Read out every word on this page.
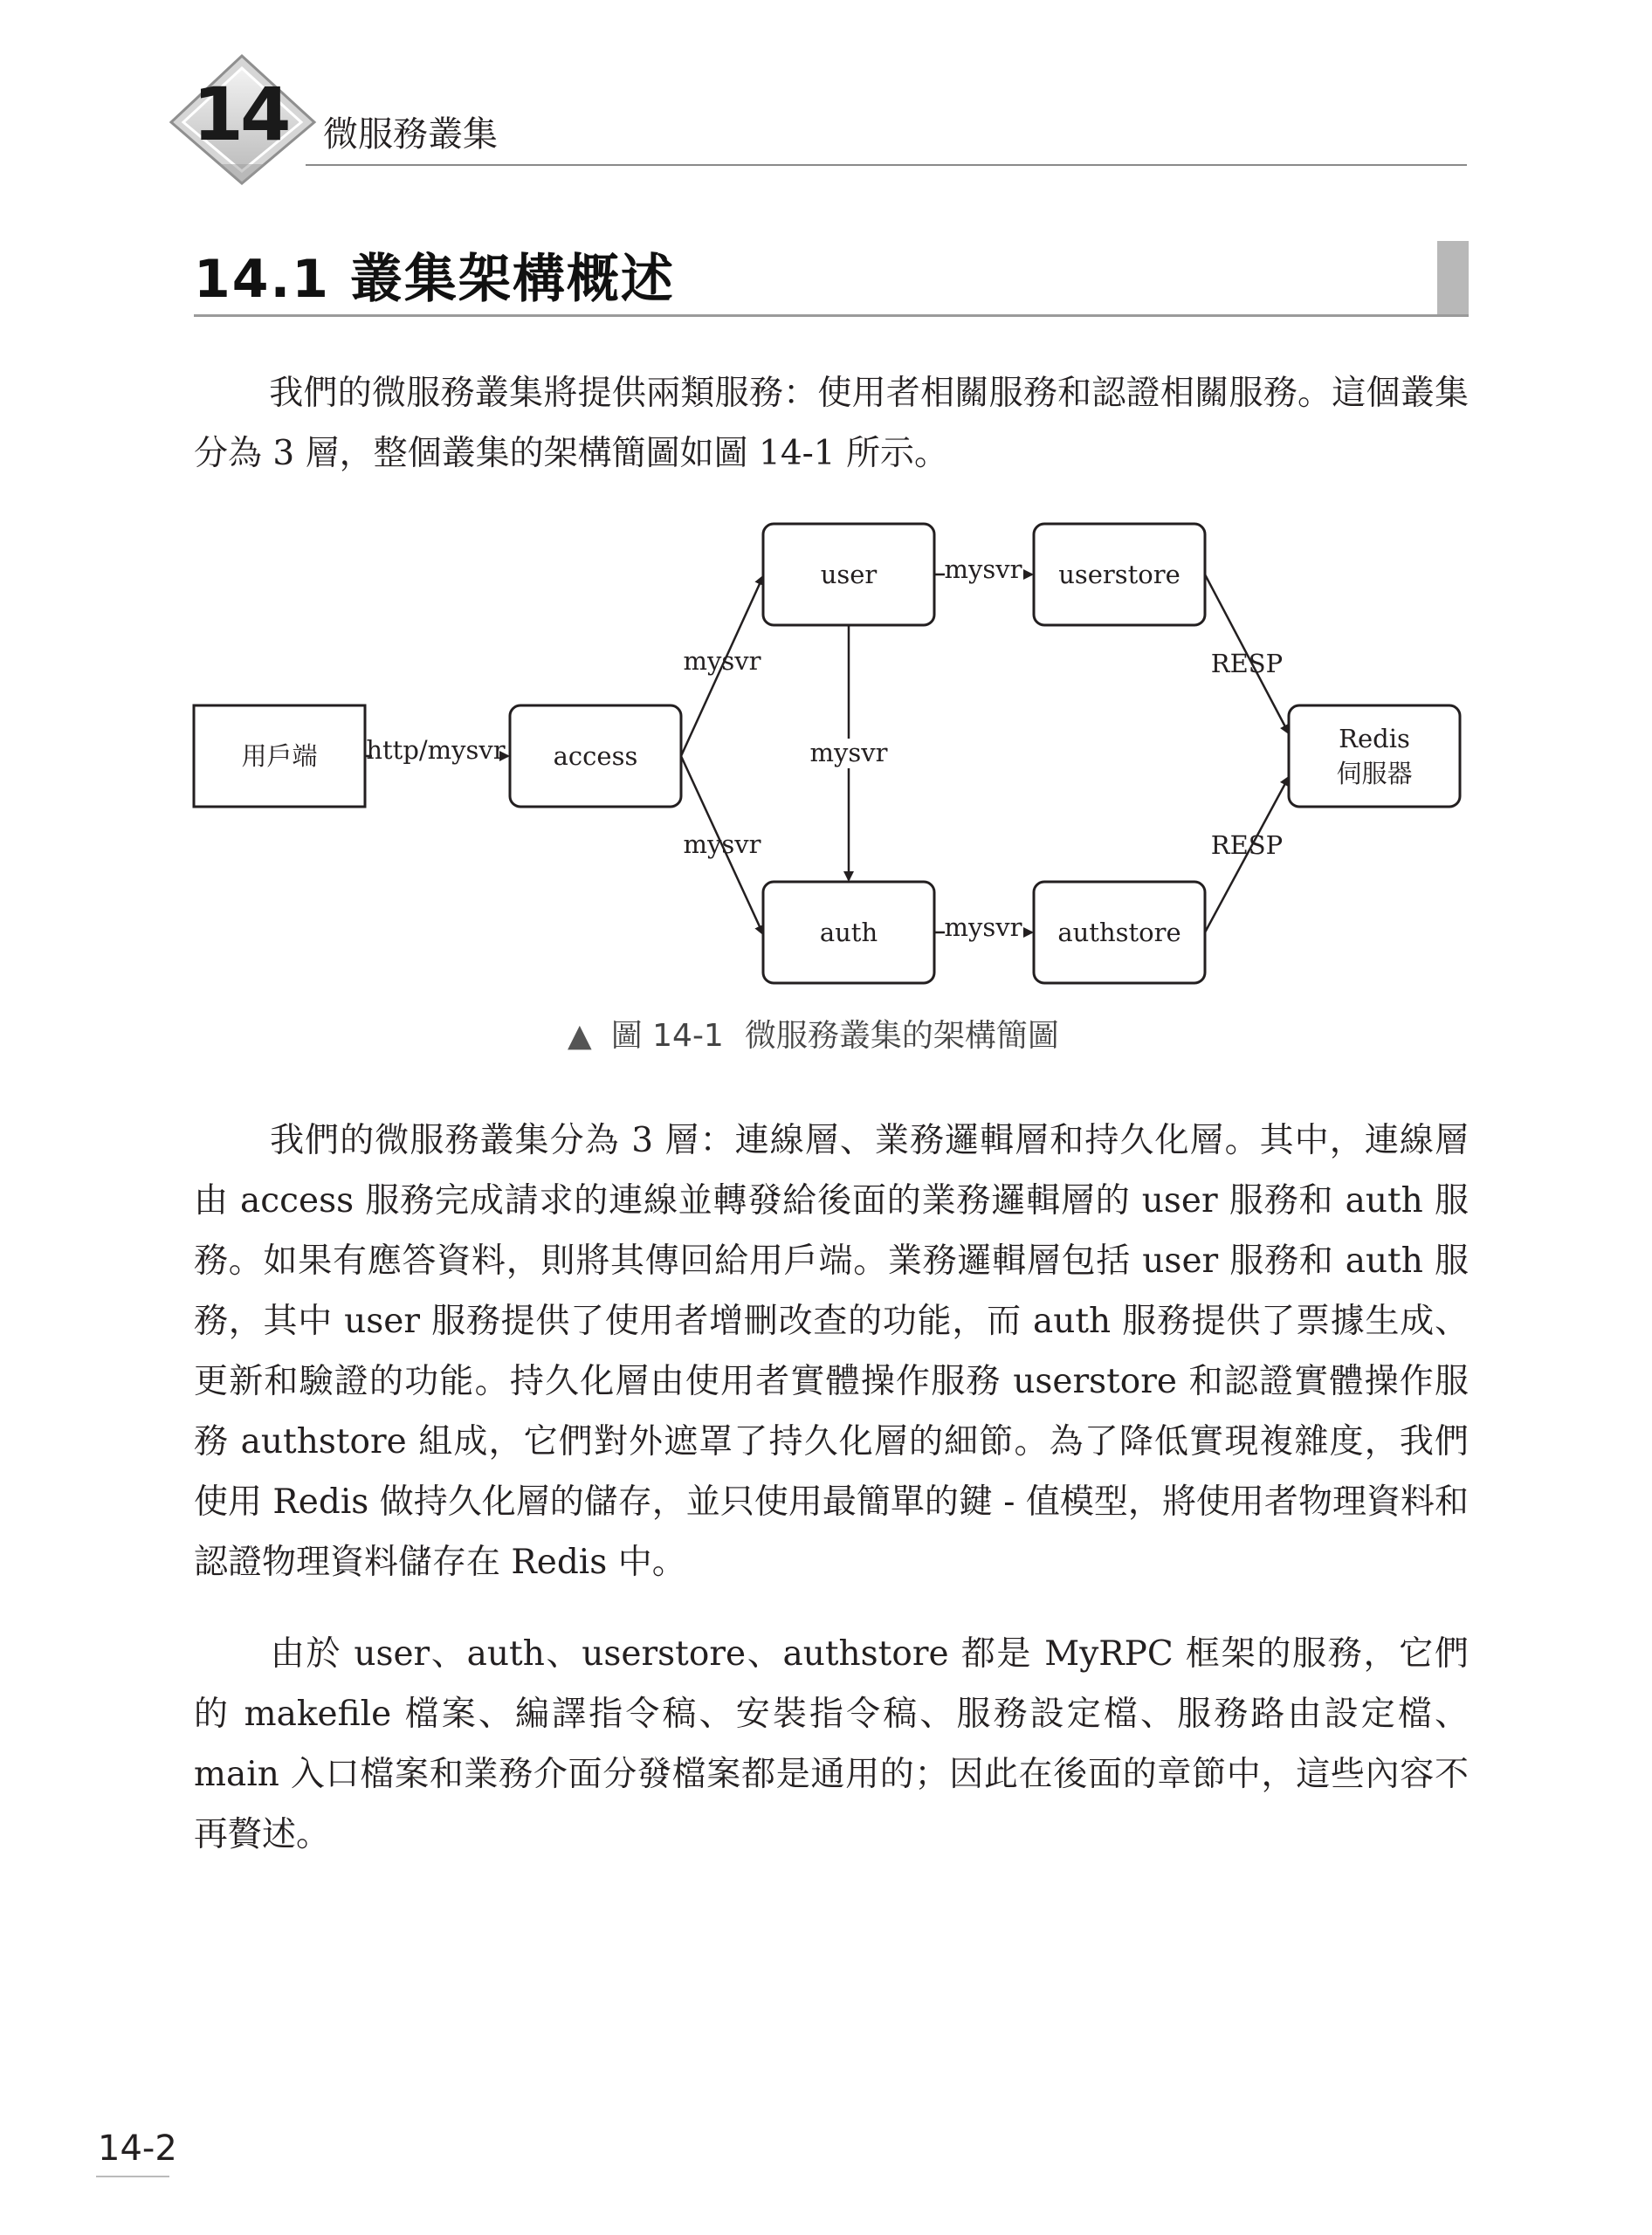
14	微服務叢集
14.1 叢集架構概述
我們的微服務叢集將提供兩類服務：使用者相關服務和認證相關服務。這個叢集分為 3 層，整個叢集的架構簡圖如圖 14-1 所示。
用戶端	access
user	userstore
auth	authstore
Redis
伺服器
http/mysvr
mysvr
mysvr
mysvr
mysvr
mysvr
RESP
RESP
▲ 圖 14-1 微服務叢集的架構簡圖
我們的微服務叢集分為 3 層：連線層、業務邏輯層和持久化層。其中，連線層由 access 服務完成請求的連線並轉發給後面的業務邏輯層的 user 服務和 auth 服務。如果有應答資料，則將其傳回給用戶端。業務邏輯層包括 user 服務和 auth 服務，其中 user 服務提供了使用者增刪改查的功能，而 auth 服務提供了票據生成、更新和驗證的功能。持久化層由使用者實體操作服務 userstore 和認證實體操作服務 authstore 組成，它們對外遮罩了持久化層的細節。為了降低實現複雜度，我們使用 Redis 做持久化層的儲存，並只使用最簡單的鍵 - 值模型，將使用者物理資料和認證物理資料儲存在 Redis 中。
由於 user、auth、userstore、authstore 都是 MyRPC 框架的服務，它們的 makefile 檔案、編譯指令稿、安裝指令稿、服務設定檔、服務路由設定檔、main 入口檔案和業務介面分發檔案都是通用的；因此在後面的章節中，這些內容不再贅述。
14-2
